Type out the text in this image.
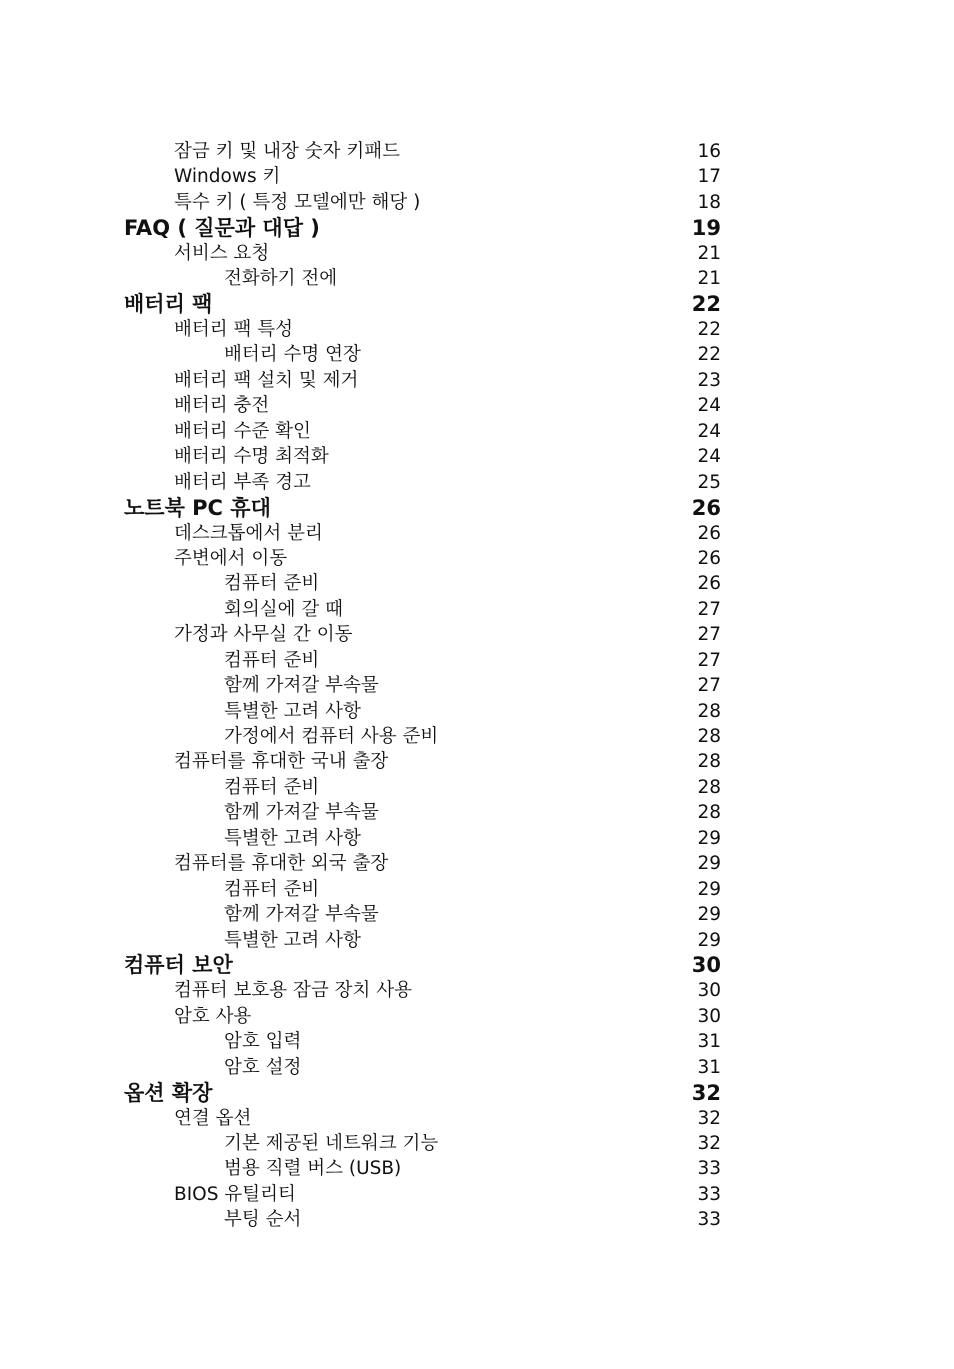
잠금 키 및 내장 숫자 키패드	16
Windows 키	17
특수 키 ( 특정 모델에만 해당 )	18
FAQ ( 질문과 대답 )	19
서비스 요청	21
전화하기 전에	21
배터리 팩	22
배터리 팩 특성	22
배터리 수명 연장	22
배터리 팩 설치 및 제거	23
배터리 충전	24
배터리 수준 확인	24
배터리 수명 최적화	24
배터리 부족 경고	25
노트북 PC 휴대	26
데스크톱에서 분리	26
주변에서 이동	26
컴퓨터 준비	26
회의실에 갈 때	27
가정과 사무실 간 이동	27
컴퓨터 준비	27
함께 가져갈 부속물	27
특별한 고려 사항	28
가정에서 컴퓨터 사용 준비	28
컴퓨터를 휴대한 국내 출장	28
컴퓨터 준비	28
함께 가져갈 부속물	28
특별한 고려 사항	29
컴퓨터를 휴대한 외국 출장	29
컴퓨터 준비	29
함께 가져갈 부속물	29
특별한 고려 사항	29
컴퓨터 보안	30
컴퓨터 보호용 잠금 장치 사용	30
암호 사용	30
암호 입력	31
암호 설정	31
옵션 확장	32
연결 옵션	32
기본 제공된 네트워크 기능	32
범용 직렬 버스 (USB)	33
BIOS 유틸리티	33
부팅 순서	33
